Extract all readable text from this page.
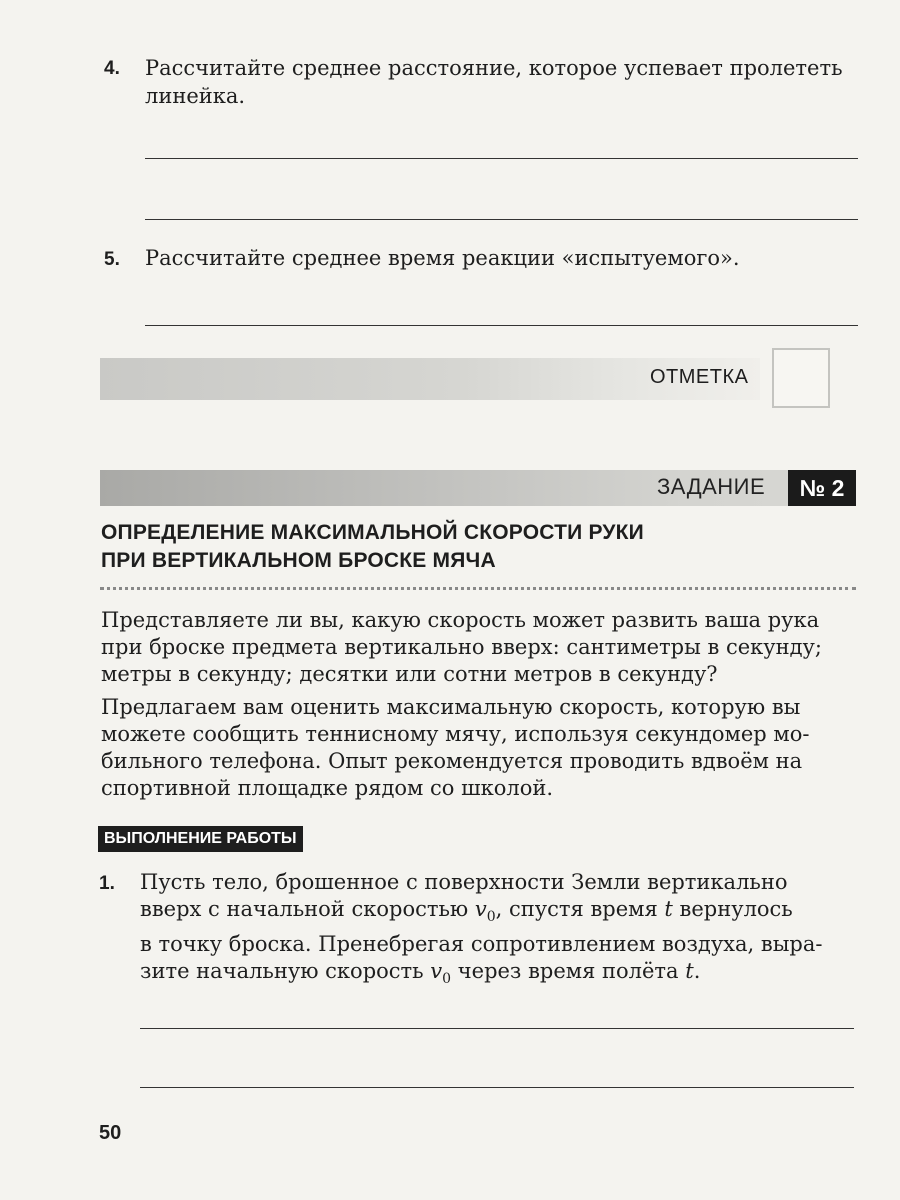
4. Рассчитайте среднее расстояние, которое успевает пролететь
линейка.
5. Рассчитайте среднее время реакции «испытуемого».
ОТМЕТКА
ЗАДАНИЕ	№ 2
ОПРЕДЕЛЕНИЕ МАКСИМАЛЬНОЙ СКОРОСТИ РУКИ
ПРИ ВЕРТИКАЛЬНОМ БРОСКЕ МЯЧА
Представляете ли вы, какую скорость может развить ваша рука
при броске предмета вертикально вверх: сантиметры в секунду;
метры в секунду; десятки или сотни метров в секунду?
Предлагаем вам оценить максимальную скорость, которую вы
можете сообщить теннисному мячу, используя секундомер мо-
бильного телефона. Опыт рекомендуется проводить вдвоём на
спортивной площадке рядом со школой.
ВЫПОЛНЕНИЕ РАБОТЫ
1. Пусть тело, брошенное с поверхности Земли вертикально
вверх с начальной скоростью $v_0$, спустя время t вернулось
в точку броска. Пренебрегая сопротивлением воздуха, выра-
зите начальную скорость $v_0$ через время полёта t.
50
